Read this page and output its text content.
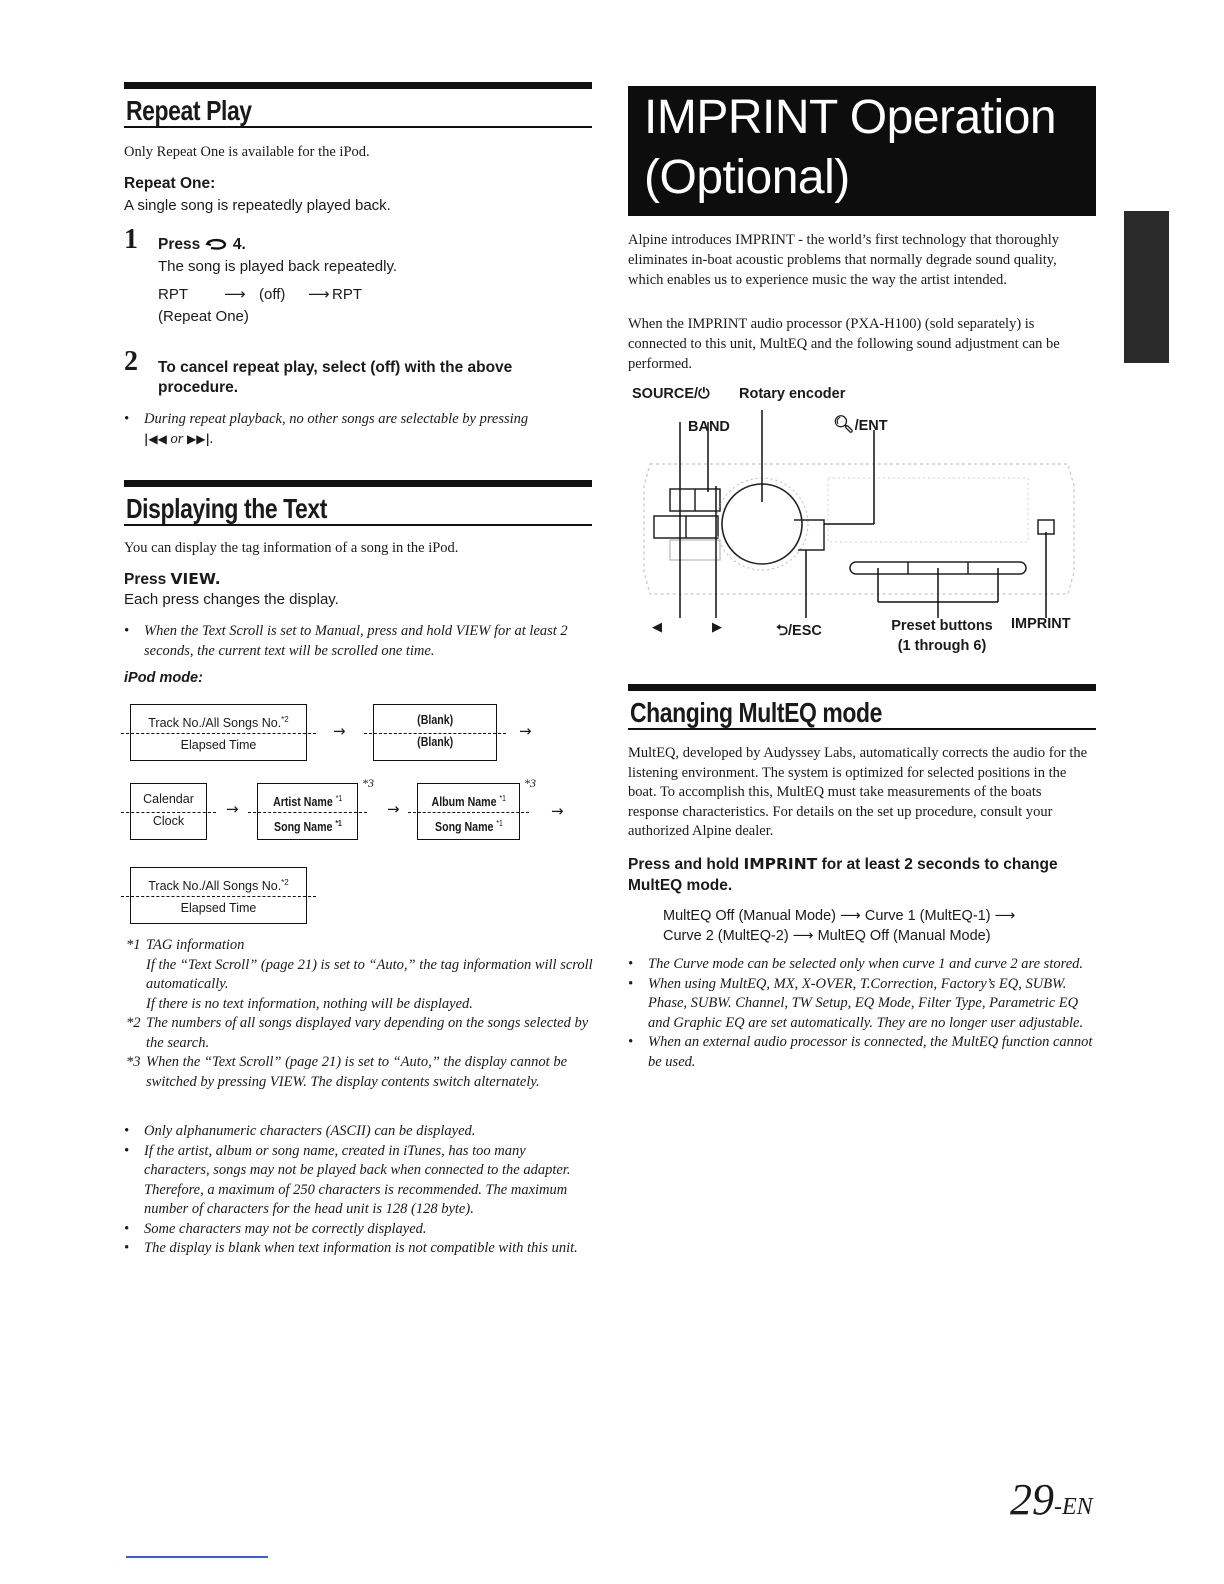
Repeat Play
Only Repeat One is available for the iPod.
Repeat One:
A single song is repeatedly played back.
1 Press 4.
The song is played back repeatedly.
RPT ⟶ (off) ⟶ RPT
(Repeat One)
2 To cancel repeat play, select (off) with the above procedure.
• During repeat playback, no other songs are selectable by pressing
|◀◀ or ▶▶|.
Displaying the Text
You can display the tag information of a song in the iPod.
Press VIEW.
Each press changes the display.
• When the Text Scroll is set to Manual, press and hold VIEW for at least 2 seconds, the current text will be scrolled one time.
iPod mode:
Track No./All Songs No.$^{*2}$
Elapsed Time
→
(Blank)
(Blank)
→
Calendar
Clock
→	Artist Name $^{*1}$
Song Name $^{*1}$
*3
→	Album Name $^{*1}$
Song Name $^{*1}$
*3
→
Track No./All Songs No.$^{*2}$
Elapsed Time
*1 TAG information
If the “Text Scroll” (page 21) is set to “Auto,” the tag information will scroll automatically.
If there is no text information, nothing will be displayed.
*2 The numbers of all songs displayed vary depending on the songs selected by the search.
*3 When the “Text Scroll” (page 21) is set to “Auto,” the display cannot be switched by pressing VIEW. The display contents switch alternately.
• Only alphanumeric characters (ASCII) can be displayed.
• If the artist, album or song name, created in iTunes, has too many characters, songs may not be played back when connected to the adapter. Therefore, a maximum of 250 characters is recommended. The maximum number of characters for the head unit is 128 (128 byte).
• Some characters may not be correctly displayed.
• The display is blank when text information is not compatible with this unit.
IMPRINT Operation
(Optional)
Alpine introduces IMPRINT - the world’s first technology that thoroughly eliminates in-boat acoustic problems that normally degrade sound quality, which enables us to experience music the way the artist intended.
When the IMPRINT audio processor (PXA-H100) (sold separately) is connected to this unit, MultEQ and the following sound adjustment can be performed.
SOURCE/⏻ Rotary encoder
BAND	🔍︎/ENT
◀	▶	⮌/ESC	Preset buttons
(1 through 6)
IMPRINT
Changing MultEQ mode
MultEQ, developed by Audyssey Labs, automatically corrects the audio for the listening environment. The system is optimized for selected positions in the boat. To accomplish this, MultEQ must take measurements of the boats response characteristics. For details on the set up procedure, consult your authorized Alpine dealer.
Press and hold IMPRINT for at least 2 seconds to change MultEQ mode.
MultEQ Off (Manual Mode) ⟶ Curve 1 (MultEQ-1) ⟶
Curve 2 (MultEQ-2) ⟶ MultEQ Off (Manual Mode)
• The Curve mode can be selected only when curve 1 and curve 2 are stored.
• When using MultEQ, MX, X-OVER, T.Correction, Factory’s EQ, SUBW. Phase, SUBW. Channel, TW Setup, EQ Mode, Filter Type, Parametric EQ and Graphic EQ are set automatically. They are no longer user adjustable.
• When an external audio processor is connected, the MultEQ function cannot be used.
29-EN
